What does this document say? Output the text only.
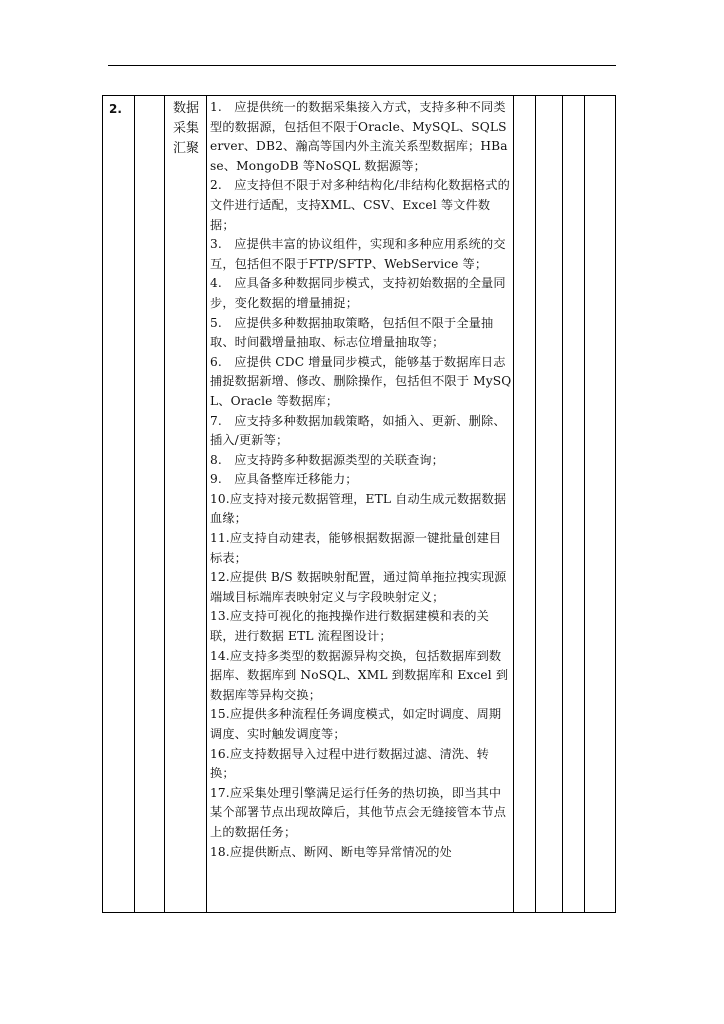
2.		数据采集汇聚

1.　应提供统一的数据采集接入方式，支持多种不同类型的数据源，包括但不限于Oracle、MySQL、SQLServer、DB2、瀚高等国内外主流关系型数据库；HBase、MongoDB 等NoSQL 数据源等；

2.　应支持但不限于对多种结构化/非结构化数据格式的文件进行适配，支持XML、CSV、Excel 等文件数据；

3.　应提供丰富的协议组件，实现和多种应用系统的交互，包括但不限于FTP/SFTP、WebService 等；

4.　应具备多种数据同步模式，支持初始数据的全量同步，变化数据的增量捕捉；

5.　应提供多种数据抽取策略，包括但不限于全量抽取、时间戳增量抽取、标志位增量抽取等；

6.　应提供 CDC 增量同步模式，能够基于数据库日志捕捉数据新增、修改、删除操作，包括但不限于 MySQL、Oracle 等数据库；

7.　应支持多种数据加载策略，如插入、更新、删除、插入/更新等；

8.　应支持跨多种数据源类型的关联查询；

9.　应具备整库迁移能力；

10.应支持对接元数据管理，ETL 自动生成元数据数据血缘；

11.应支持自动建表，能够根据数据源一键批量创建目标表；

12.应提供 B/S 数据映射配置，通过简单拖拉拽实现源端域目标端库表映射定义与字段映射定义；

13.应支持可视化的拖拽操作进行数据建模和表的关联，进行数据 ETL 流程图设计；

14.应支持多类型的数据源异构交换，包括数据库到数据库、数据库到 NoSQL、XML 到数据库和 Excel 到数据库等异构交换；

15.应提供多种流程任务调度模式，如定时调度、周期调度、实时触发调度等；

16.应支持数据导入过程中进行数据过滤、清洗、转换；

17.应采集处理引擎满足运行任务的热切换，即当其中某个部署节点出现故障后，其他节点会无缝接管本节点上的数据任务；

18.应提供断点、断网、断电等异常情况的处
